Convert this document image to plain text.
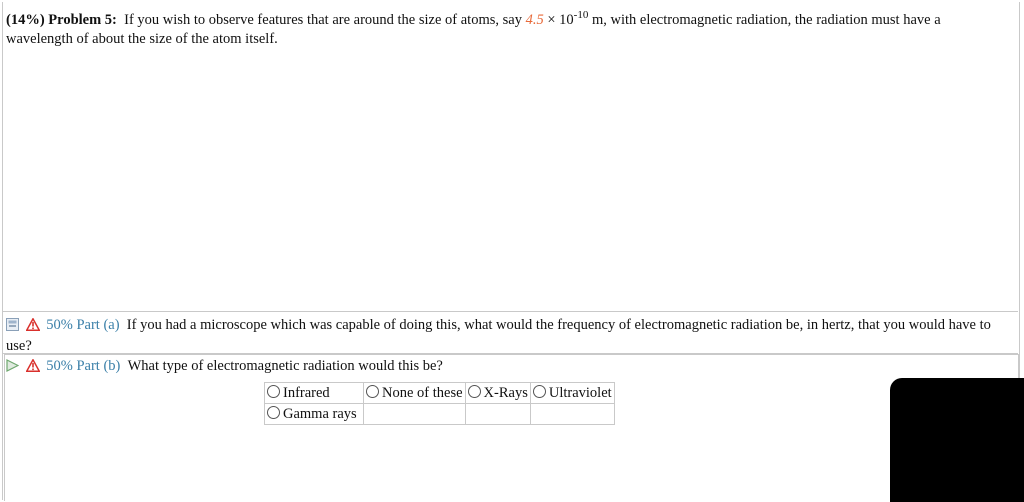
(14%) Problem 5: If you wish to observe features that are around the size of atoms, say $4.5 \times 10^{-10}$ m, with electromagnetic radiation, the radiation must have a wavelength of about the size of the atom itself.
50% Part (a) If you had a microscope which was capable of doing this, what would the frequency of electromagnetic radiation be, in hertz, that you would have to use?
50% Part (b) What type of electromagnetic radiation would this be?
Infrared	None of these	X-Rays	Ultraviolet
Gamma rays			
